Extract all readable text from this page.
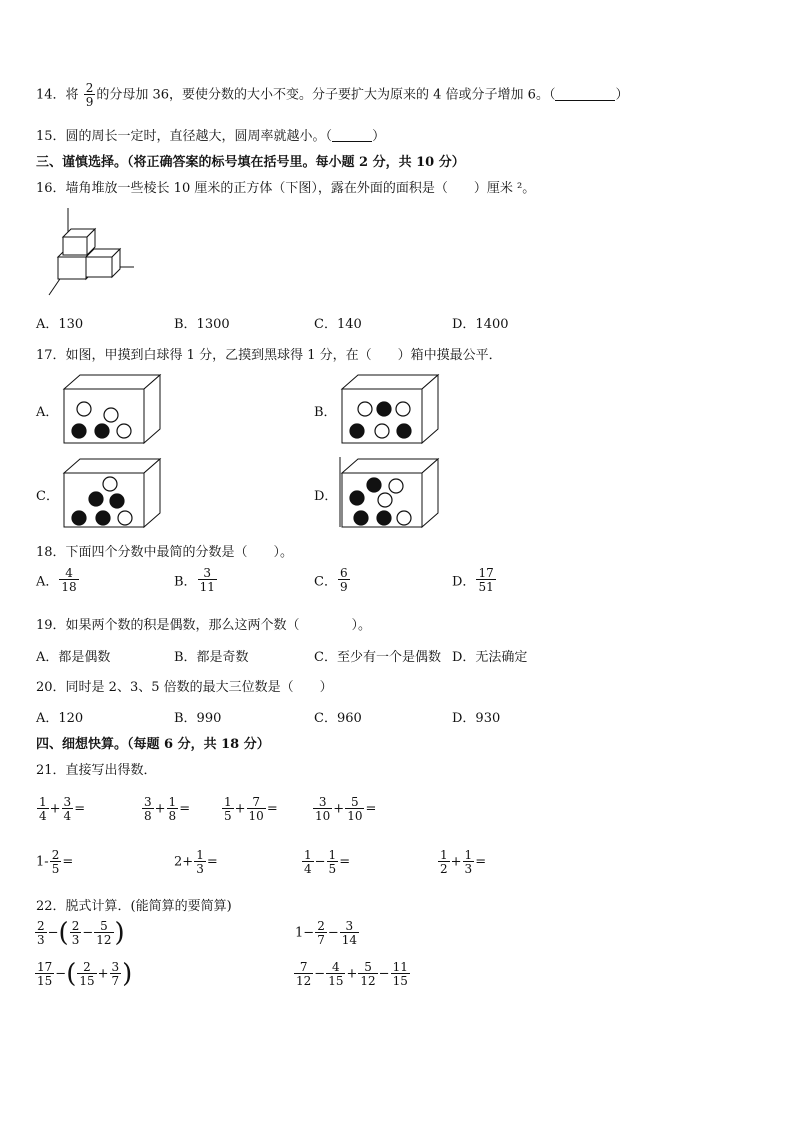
14．将 $\frac{2}{9}$ 的分母加 36，要使分数的大小不变。分子要扩大为原来的 4 倍或分子增加 6。（	）
15．圆的周长一定时，直径越大，圆周率就越小。（	）
三、谨慎选择。（将正确答案的标号填在括号里。每小题 2 分，共 10 分）
16．墙角堆放一些棱长 10 厘米的正方体（下图），露在外面的面积是（　　）厘米 ²。
A．130	B．1300	C．140	D．1400
17．如图，甲摸到白球得 1 分，乙摸到黑球得 1 分，在（　　）箱中摸最公平．
A．	B．
C．	D．
18．下面四个分数中最简的分数是（　　）。
A． $\frac{4}{18}$	B． $\frac{3}{11}$	C． $\frac{6}{9}$	D． $\frac{17}{51}$
19．如果两个数的积是偶数，那么这两个数（　　　　）。
A．都是偶数	B．都是奇数	C．至少有一个是偶数 D．无法确定
20．同时是 2、3、5 倍数的最大三位数是（　　）
A．120	B．990	C．960	D．930
四、细想快算。（每题 6 分，共 18 分）
21．直接写出得数．
$\frac{1}{4} + \frac{3}{4}$ =	$\frac{3}{8} + \frac{1}{8}$ =	$\frac{1}{5} + \frac{7}{10}$ =	$\frac{3}{10} + \frac{5}{10}$ =
$1- \frac{2}{5}$ =	$2+ \frac{1}{3}$ =	$\frac{1}{4} - \frac{1}{5}$ =	$\frac{1}{2} + \frac{1}{3}$ =
22．脱式计算．(能简算的要简算)
$\frac{2}{3}$ −( $\frac{2}{3} - \frac{5}{12}$ )	$1- \frac{2}{7} - \frac{3}{14}$
$\frac{17}{15}$ −( $\frac{2}{15} + \frac{3}{7}$ )	$\frac{7}{12} - \frac{4}{15} + \frac{5}{12} - \frac{11}{15}$
